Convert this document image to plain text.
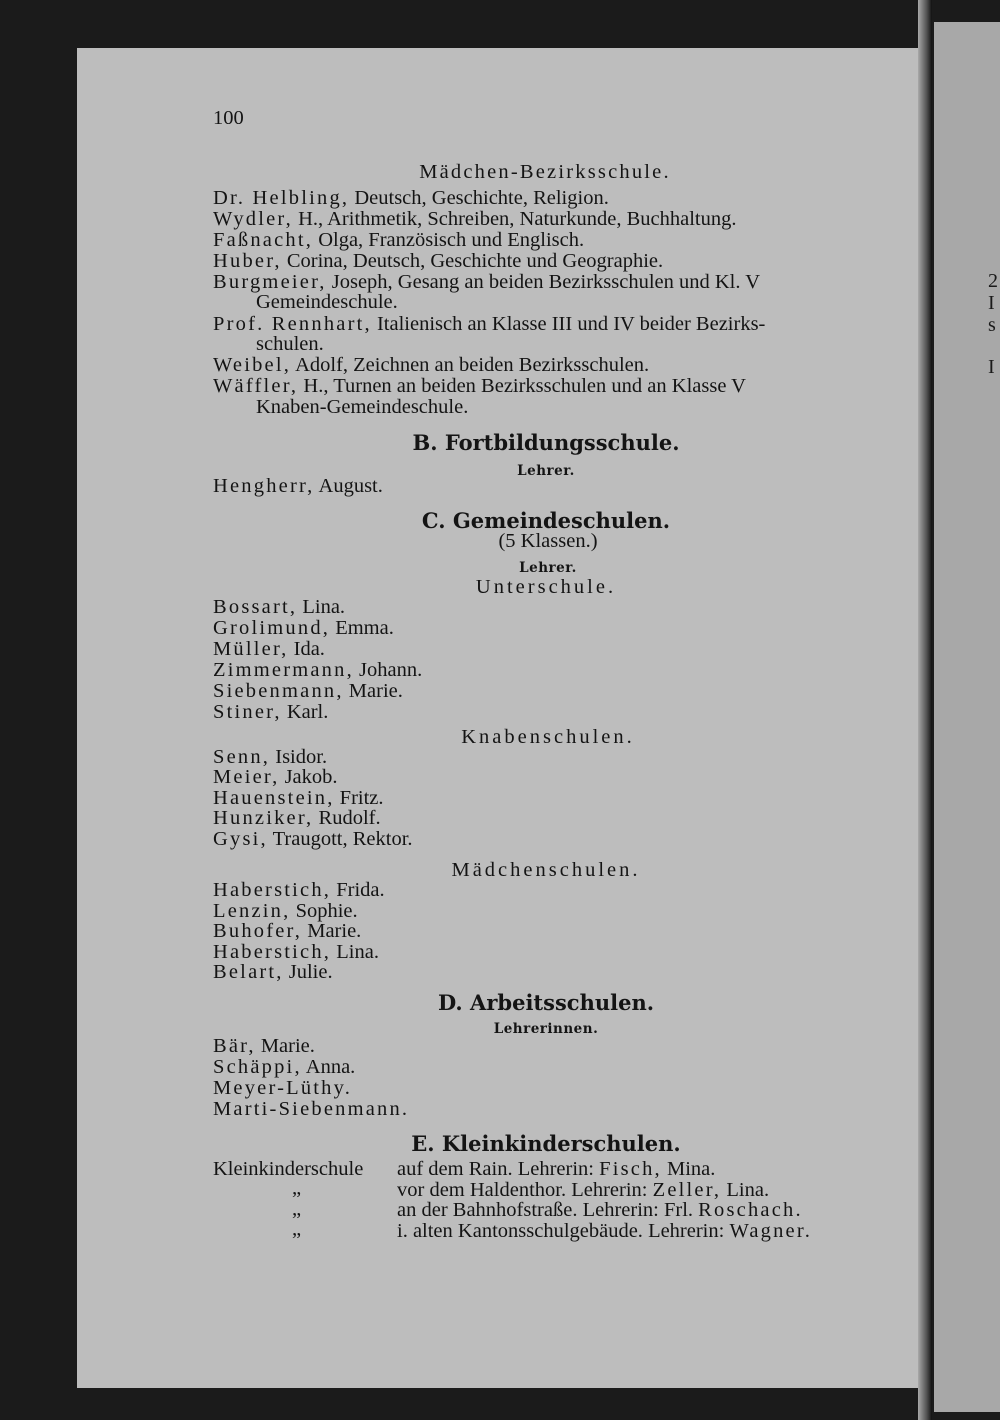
2
I
s
I
100
Mädchen-Bezirksschule.
Dr. Helbling, Deutsch, Geschichte, Religion.
Wydler, H., Arithmetik, Schreiben, Naturkunde, Buchhaltung.
Faßnacht, Olga, Französisch und Englisch.
Huber, Corina, Deutsch, Geschichte und Geographie.
Burgmeier, Joseph, Gesang an beiden Bezirksschulen und Kl. V
Gemeindeschule.
Prof. Rennhart, Italienisch an Klasse III und IV beider Bezirks-
schulen.
Weibel, Adolf, Zeichnen an beiden Bezirksschulen.
Wäffler, H., Turnen an beiden Bezirksschulen und an Klasse V
Knaben-Gemeindeschule.
B. Fortbildungsschule.
Lehrer.
Hengherr, August.
C. Gemeindeschulen.
(5 Klassen.)
Lehrer.
Unterschule.
Bossart, Lina.
Grolimund, Emma.
Müller, Ida.
Zimmermann, Johann.
Siebenmann, Marie.
Stiner, Karl.
Knabenschulen.
Senn, Isidor.
Meier, Jakob.
Hauenstein, Fritz.
Hunziker, Rudolf.
Gysi, Traugott, Rektor.
Mädchenschulen.
Haberstich, Frida.
Lenzin, Sophie.
Buhofer, Marie.
Haberstich, Lina.
Belart, Julie.
D. Arbeitsschulen.
Lehrerinnen.
Bär, Marie.
Schäppi, Anna.
Meyer-Lüthy.
Marti-Siebenmann.
E. Kleinkinderschulen.
Kleinkinderschule auf dem Rain. Lehrerin: Fisch, Mina.
„	vor dem Haldenthor. Lehrerin: Zeller, Lina.
„	an der Bahnhofstraße. Lehrerin: Frl. Roschach.
„	i. alten Kantonsschulgebäude. Lehrerin: Wagner.
